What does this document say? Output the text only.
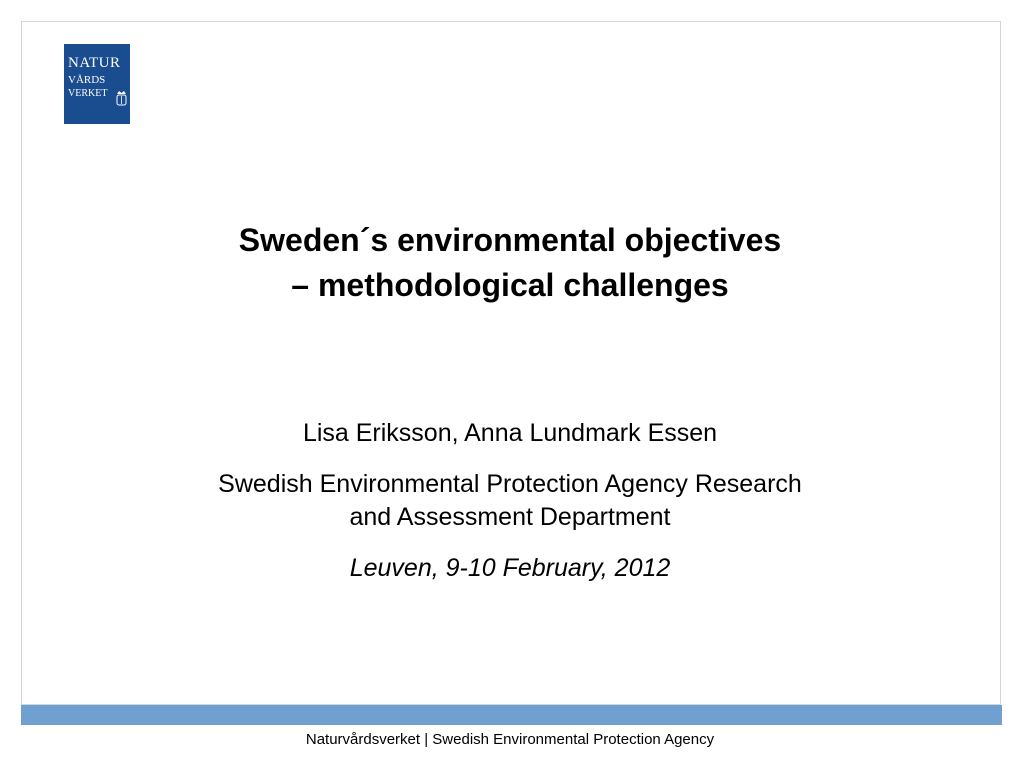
NATUR
VÅRDS
VERKET
Sweden´s environmental objectives
– methodological challenges
Lisa Eriksson, Anna Lundmark Essen
Swedish Environmental Protection Agency Research
and Assessment Department
Leuven, 9-10 February, 2012
Naturvårdsverket | Swedish Environmental Protection Agency
